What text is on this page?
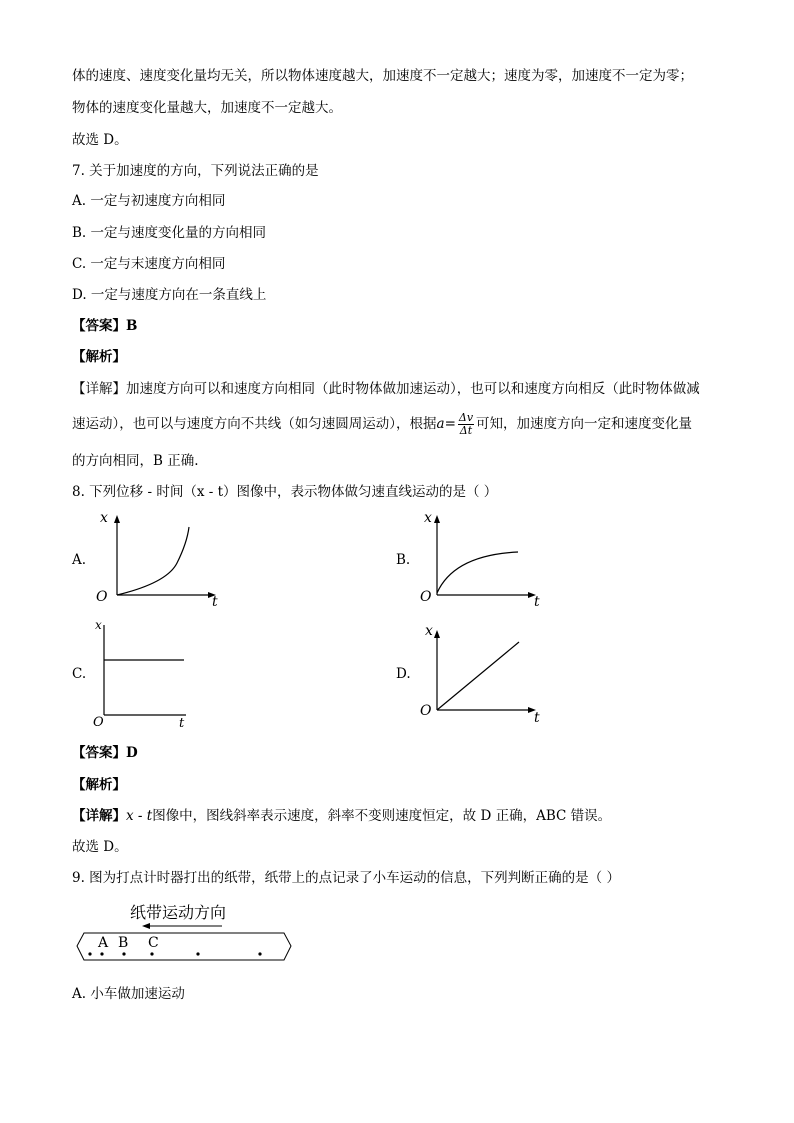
体的速度、速度变化量均无关，所以物体速度越大，加速度不一定越大；速度为零，加速度不一定为零；
物体的速度变化量越大，加速度不一定越大。
故选 D。
7. 关于加速度的方向，下列说法正确的是
A. 一定与初速度方向相同
B. 一定与速度变化量的方向相同
C. 一定与末速度方向相同
D. 一定与速度方向在一条直线上
【答案】B
【解析】
【详解】加速度方向可以和速度方向相同（此时物体做加速运动），也可以和速度方向相反（此时物体做减
速运动），也可以与速度方向不共线（如匀速圆周运动），根据$a= \frac{\Delta v}{\Delta t}$ 可知，加速度方向一定和速度变化量
的方向相同，B 正确.
8. 下列位移 - 时间（x - t）图像中，表示物体做匀速直线运动的是（ ）
A.
x
O	t
B.
x
O	t
C.
x
O	t
D.
x
O	t
【答案】D
【解析】
【详解】x - t图像中，图线斜率表示速度，斜率不变则速度恒定，故 D 正确，ABC 错误。
故选 D。
9. 图为打点计时器打出的纸带，纸带上的点记录了小车运动的信息，下列判断正确的是（ ）
纸带运动方向
A B C
A. 小车做加速运动
